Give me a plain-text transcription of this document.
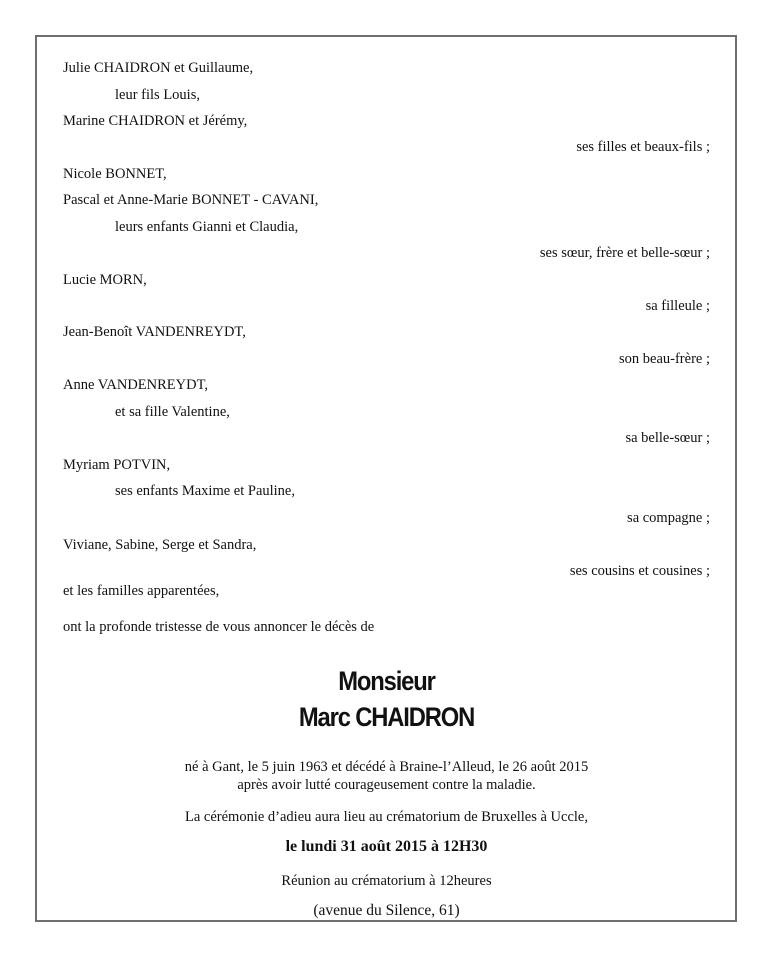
Julie CHAIDRON et Guillaume,
leur fils Louis,
Marine CHAIDRON et Jérémy,
ses filles et beaux-fils ;
Nicole BONNET,
Pascal et Anne-Marie BONNET - CAVANI,
leurs enfants Gianni et Claudia,
ses sœur, frère et belle-sœur ;
Lucie MORN,
sa filleule ;
Jean-Benoît VANDENREYDT,
son beau-frère ;
Anne VANDENREYDT,
et sa fille Valentine,
sa belle-sœur ;
Myriam POTVIN,
ses enfants Maxime et Pauline,
sa compagne ;
Viviane, Sabine, Serge et Sandra,
ses cousins et cousines ;
et les familles apparentées,
ont la profonde tristesse de vous annoncer le décès de
Monsieur
Marc CHAIDRON
né à Gant, le 5 juin 1963 et décédé à Braine-l’Alleud, le 26 août 2015
après avoir lutté courageusement contre la maladie.
La cérémonie d’adieu aura lieu au crématorium de Bruxelles à Uccle,
le lundi 31 août 2015 à 12H30
Réunion au crématorium à 12heures
(avenue du Silence, 61)
